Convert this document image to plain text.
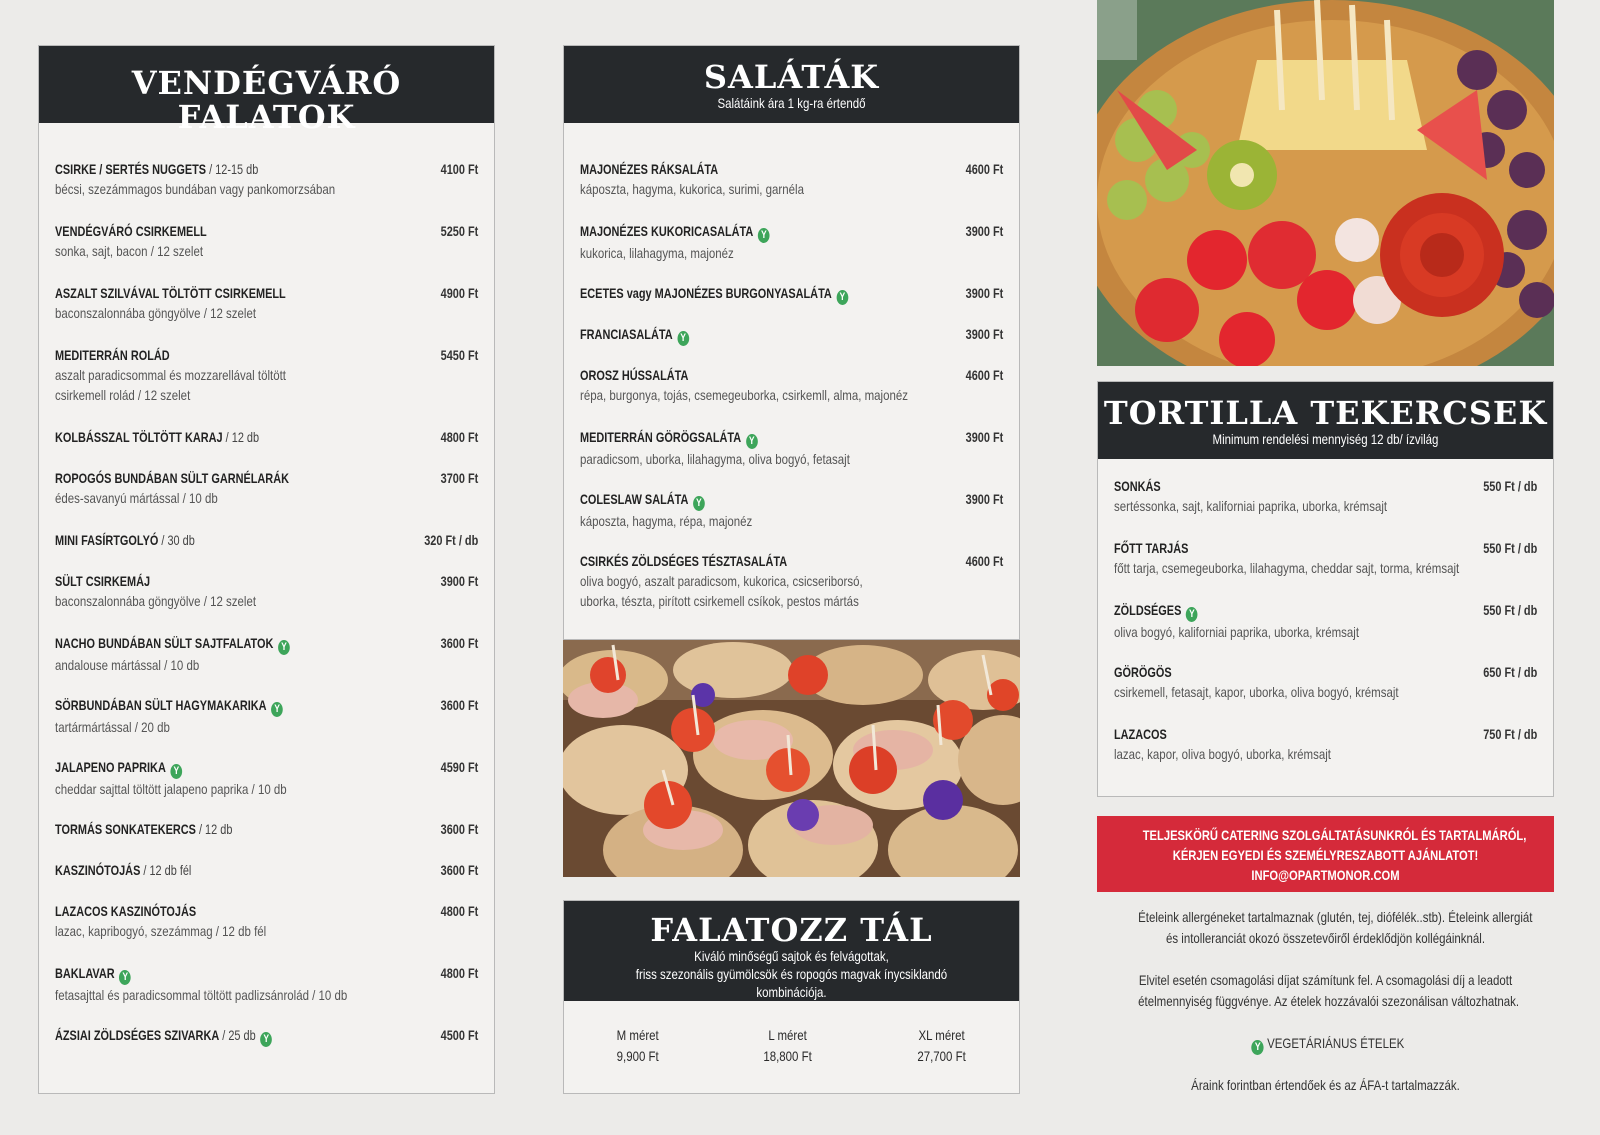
VENDÉGVÁRÓ FALATOK
CSIRKE / SERTÉS NUGGETS / 12-15 db	4100 Ft
bécsi, szezámmagos bundában vagy pankomorzsában
VENDÉGVÁRÓ CSIRKEMELL	5250 Ft
sonka, sajt, bacon / 12 szelet
ASZALT SZILVÁVAL TÖLTÖTT CSIRKEMELL	4900 Ft
baconszalonnába göngyölve / 12 szelet
MEDITERRÁN ROLÁD	5450 Ft
aszalt paradicsommal és mozzarellával töltött
csirkemell rolád / 12 szelet
KOLBÁSSZAL TÖLTÖTT KARAJ / 12 db	4800 Ft
ROPOGÓS BUNDÁBAN SÜLT GARNÉLARÁK	3700 Ft
édes-savanyú mártással / 10 db
MINI FASÍRTGOLYÓ / 30 db	320 Ft / db
SÜLT CSIRKEMÁJ	3900 Ft
baconszalonnába göngyölve / 12 szelet
NACHO BUNDÁBAN SÜLT SAJTFALATOK Y	3600 Ft
andalouse mártással / 10 db
SÖRBUNDÁBAN SÜLT HAGYMAKARIKA Y	3600 Ft
tartármártással / 20 db
JALAPENO PAPRIKA Y	4590 Ft
cheddar sajttal töltött jalapeno paprika / 10 db
TORMÁS SONKATEKERCS / 12 db	3600 Ft
KASZINÓTOJÁS / 12 db fél	3600 Ft
LAZACOS KASZINÓTOJÁS	4800 Ft
lazac, kapribogyó, szezámmag / 12 db fél
BAKLAVAR Y	4800 Ft
fetasajttal és paradicsommal töltött padlizsánrolád / 10 db
ÁZSIAI ZÖLDSÉGES SZIVARKA / 25 db Y	4500 Ft
SALÁTÁK
Salátáink ára 1 kg-ra értendő
MAJONÉZES RÁKSALÁTA	4600 Ft
káposzta, hagyma, kukorica, surimi, garnéla
MAJONÉZES KUKORICASALÁTA Y	3900 Ft
kukorica, lilahagyma, majonéz
ECETES vagy MAJONÉZES BURGONYASALÁTA Y	3900 Ft
FRANCIASALÁTA Y	3900 Ft
OROSZ HÚSSALÁTA	4600 Ft
répa, burgonya, tojás, csemegeuborka, csirkemll, alma, majonéz
MEDITERRÁN GÖRÖGSALÁTA Y	3900 Ft
paradicsom, uborka, lilahagyma, oliva bogyó, fetasajt
COLESLAW SALÁTA Y	3900 Ft
káposzta, hagyma, répa, majonéz
CSIRKÉS ZÖLDSÉGES TÉSZTASALÁTA	4600 Ft
oliva bogyó, aszalt paradicsom, kukorica, csicseriborsó,
uborka, tészta, pirított csirkemell csíkok, pestos mártás
FALATOZZ TÁL
Kiváló minőségű sajtok és felvágottak,
friss szezonális gyümölcsök és ropogós magvak ínycsiklandó kombinációja.
M méret
9,900 Ft
L méret
18,800 Ft
XL méret
27,700 Ft
TORTILLA TEKERCSEK
Minimum rendelési mennyiség 12 db/ ízvilág
SONKÁS	550 Ft / db
sertéssonka, sajt, kaliforniai paprika, uborka, krémsajt
FŐTT TARJÁS	550 Ft / db
főtt tarja, csemegeuborka, lilahagyma, cheddar sajt, torma, krémsajt
ZÖLDSÉGES Y	550 Ft / db
oliva bogyó, kaliforniai paprika, uborka, krémsajt
GÖRÖGÖS	650 Ft / db
csirkemell, fetasajt, kapor, uborka, oliva bogyó, krémsajt
LAZACOS	750 Ft / db
lazac, kapor, oliva bogyó, uborka, krémsajt
TELJESKÖRŰ CATERING SZOLGÁLTATÁSUNKRÓL ÉS TARTALMÁRÓL,
KÉRJEN EGYEDI ÉS SZEMÉLYRESZABOTT AJÁNLATOT!
INFO@OPARTMONOR.COM
Ételeink allergéneket tartalmaznak (glutén, tej, diófélék..stb). Ételeink allergiát
és intolleranciát okozó összetevőiről érdeklődjön kollégáinknál.
Elvitel esetén csomagolási díjat számítunk fel. A csomagolási díj a leadott
ételmennyiség függvénye. Az ételek hozzávalói szezonálisan változhatnak.
Y VEGETÁRIÁNUS ÉTELEK
Áraink forintban értendőek és az ÁFA-t tartalmazzák.
